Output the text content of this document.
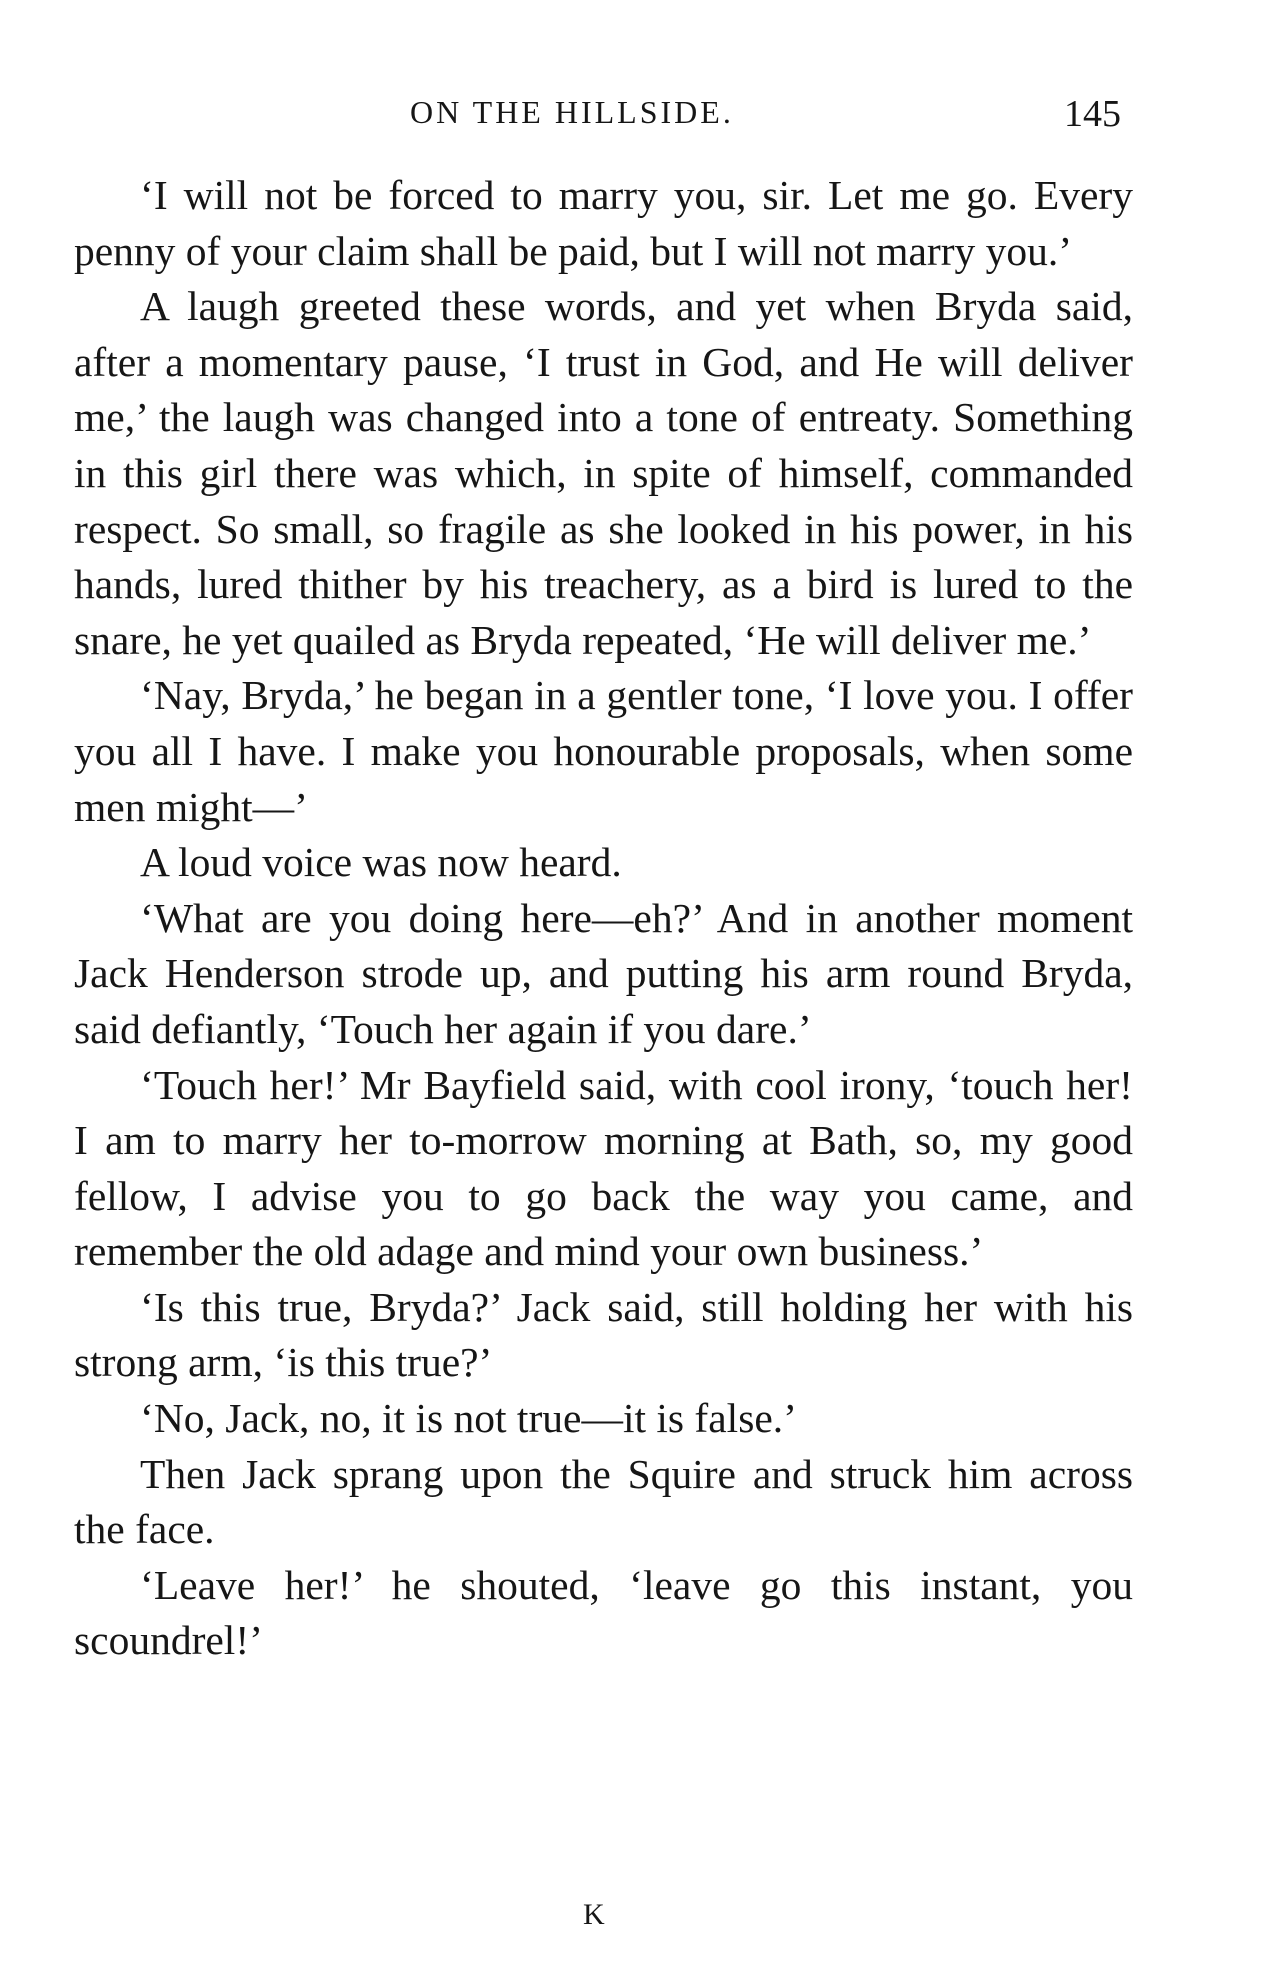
ON THE HILLSIDE.	145

‘I will not be forced to marry you, sir. Let me go. Every penny of your claim shall be paid, but I will not marry you.’

A laugh greeted these words, and yet when Bryda said, after a momentary pause, ‘I trust in God, and He will deliver me,’ the laugh was changed into a tone of entreaty. Something in this girl there was which, in spite of himself, commanded respect. So small, so fragile as she looked in his power, in his hands, lured thither by his treachery, as a bird is lured to the snare, he yet quailed as Bryda repeated, ‘He will deliver me.’

‘Nay, Bryda,’ he began in a gentler tone, ‘I love you. I offer you all I have. I make you honourable proposals, when some men might—’

A loud voice was now heard.

‘What are you doing here—eh?’ And in another moment Jack Henderson strode up, and putting his arm round Bryda, said defiantly, ‘Touch her again if you dare.’

‘Touch her!’ Mr Bayfield said, with cool irony, ‘touch her! I am to marry her to-morrow morning at Bath, so, my good fellow, I advise you to go back the way you came, and remember the old adage and mind your own business.’

‘Is this true, Bryda?’ Jack said, still holding her with his strong arm, ‘is this true?’

‘No, Jack, no, it is not true—it is false.’

Then Jack sprang upon the Squire and struck him across the face.

‘Leave her!’ he shouted, ‘leave go this instant, you scoundrel!’

K
